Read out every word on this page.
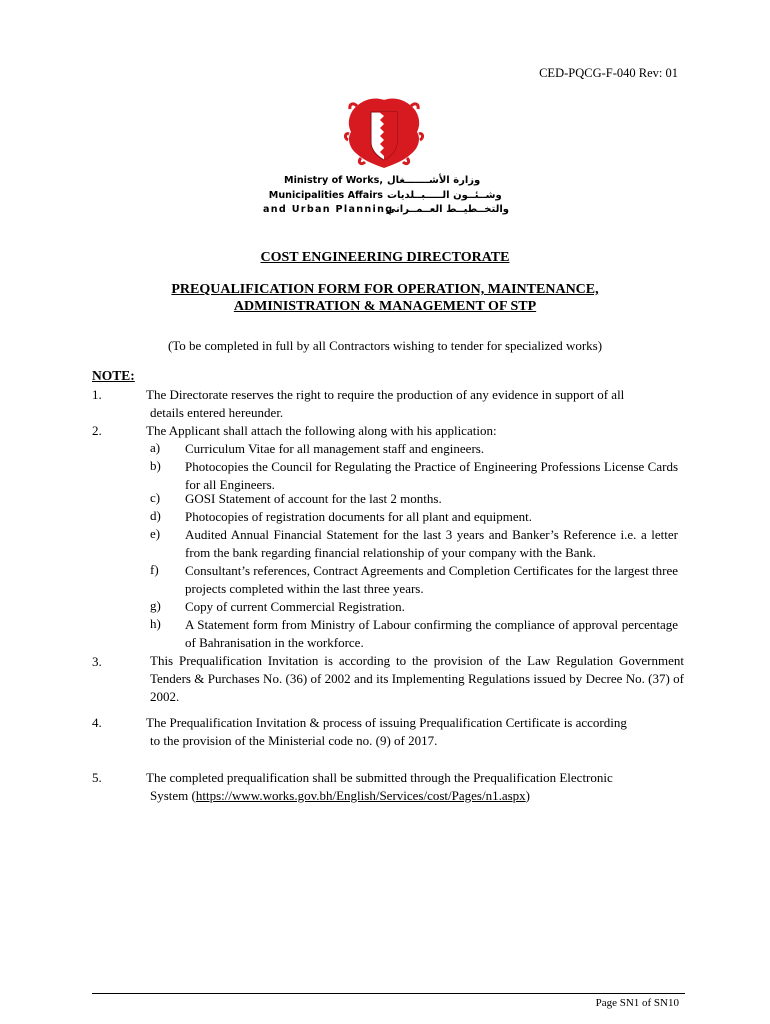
CED-PQCG-F-040 Rev: 01
Ministry of Works,
Municipalities Affairs
and Urban Planning
وزارة الأشـــــــغال
وشــئــون الـــــبــلديات
والتخــطيــط العــمــراني
COST ENGINEERING DIRECTORATE
PREQUALIFICATION FORM FOR OPERATION, MAINTENANCE,
ADMINISTRATION & MANAGEMENT OF STP
(To be completed in full by all Contractors wishing to tender for specialized works)
NOTE:
1.	The Directorate reserves the right to require the production of any evidence in support of all
details entered hereunder.
2.	The Applicant shall attach the following along with his application:
a) Curriculum Vitae for all management staff and engineers.
b) Photocopies the Council for Regulating the Practice of Engineering Professions License Cards for all Engineers.
c) GOSI Statement of account for the last 2 months.
d) Photocopies of registration documents for all plant and equipment.
e) Audited Annual Financial Statement for the last 3 years and Banker’s Reference i.e. a letter from the bank regarding financial relationship of your company with the Bank.
f) Consultant’s references, Contract Agreements and Completion Certificates for the largest three projects completed within the last three years.
g) Copy of current Commercial Registration.
h) A Statement form from Ministry of Labour confirming the compliance of approval percentage of Bahranisation in the workforce.
3.	This Prequalification Invitation is according to the provision of the Law Regulation Government Tenders & Purchases No. (36) of 2002 and its Implementing Regulations issued by Decree No. (37) of 2002.
4.	The Prequalification Invitation & process of issuing Prequalification Certificate is according
to the provision of the Ministerial code no. (9) of 2017.
5.	The completed prequalification shall be submitted through the Prequalification Electronic
System (https://www.works.gov.bh/English/Services/cost/Pages/n1.aspx)
Page SN1 of SN10
